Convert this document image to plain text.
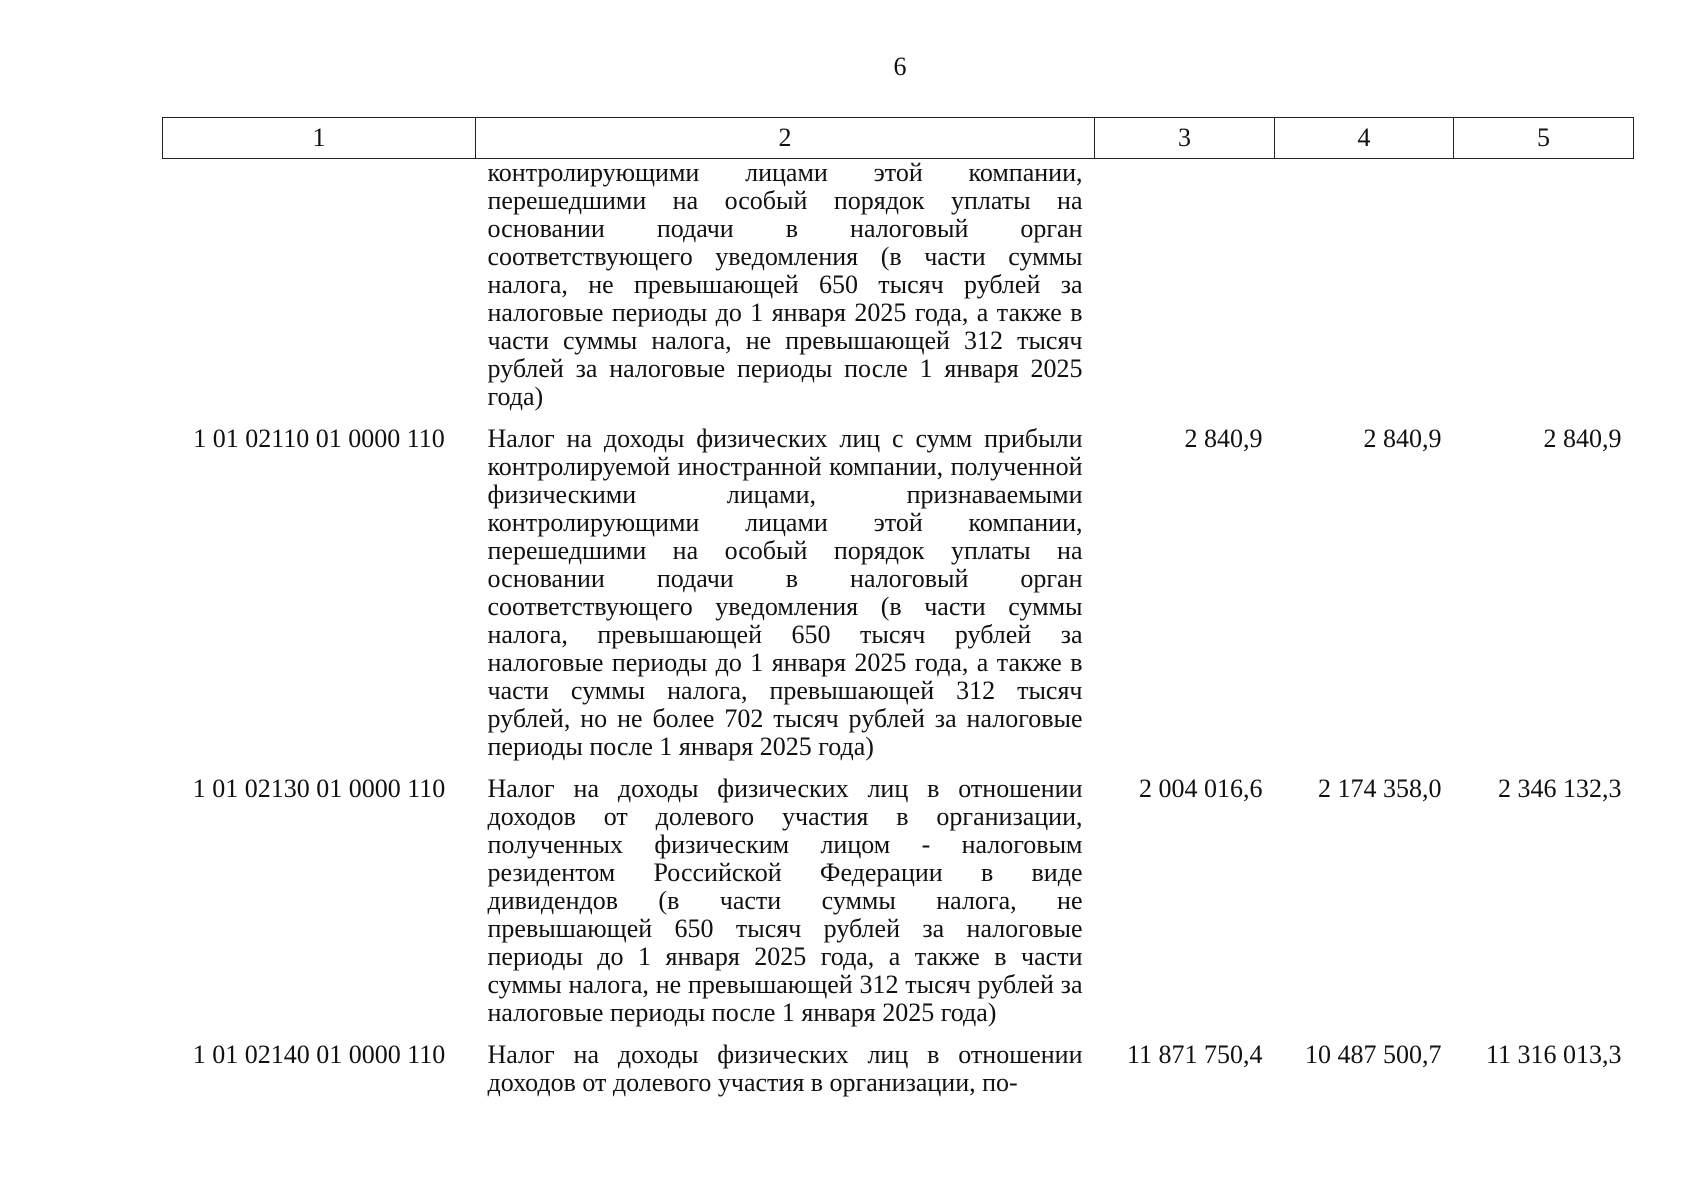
6
1	2	3	4	5
	контролирующими лицами этой компании, перешедшими на особый порядок уплаты на основании подачи в налоговый орган соответствующего уведомления (в части суммы налога, не превышающей 650 тысяч рублей за налоговые периоды до 1 января 2025 года, а также в части суммы налога, не превышающей 312 тысяч рублей за налоговые периоды после 1 января 2025 года)			
1 01 02110 01 0000 110	Налог на доходы физических лиц с сумм прибыли контролируемой иностранной компании, полученной физическими лицами, признаваемыми контролирующими лицами этой компании, перешедшими на особый порядок уплаты на основании подачи в налоговый орган соответствующего уведомления (в части суммы налога, превышающей 650 тысяч рублей за налоговые периоды до 1 января 2025 года, а также в части суммы налога, превышающей 312 тысяч рублей, но не более 702 тысяч рублей за налоговые периоды после 1 января 2025 года)	2 840,9	2 840,9	2 840,9
1 01 02130 01 0000 110	Налог на доходы физических лиц в отношении доходов от долевого участия в организации, полученных физическим лицом - налоговым резидентом Российской Федерации в виде дивидендов (в части суммы налога, не превышающей 650 тысяч рублей за налоговые периоды до 1 января 2025 года, а также в части суммы налога, не превышающей 312 тысяч рублей за налоговые периоды после 1 января 2025 года)	2 004 016,6	2 174 358,0	2 346 132,3
1 01 02140 01 0000 110	Налог на доходы физических лиц в отношении доходов от долевого участия в организации, по-	11 871 750,4	10 487 500,7	11 316 013,3
